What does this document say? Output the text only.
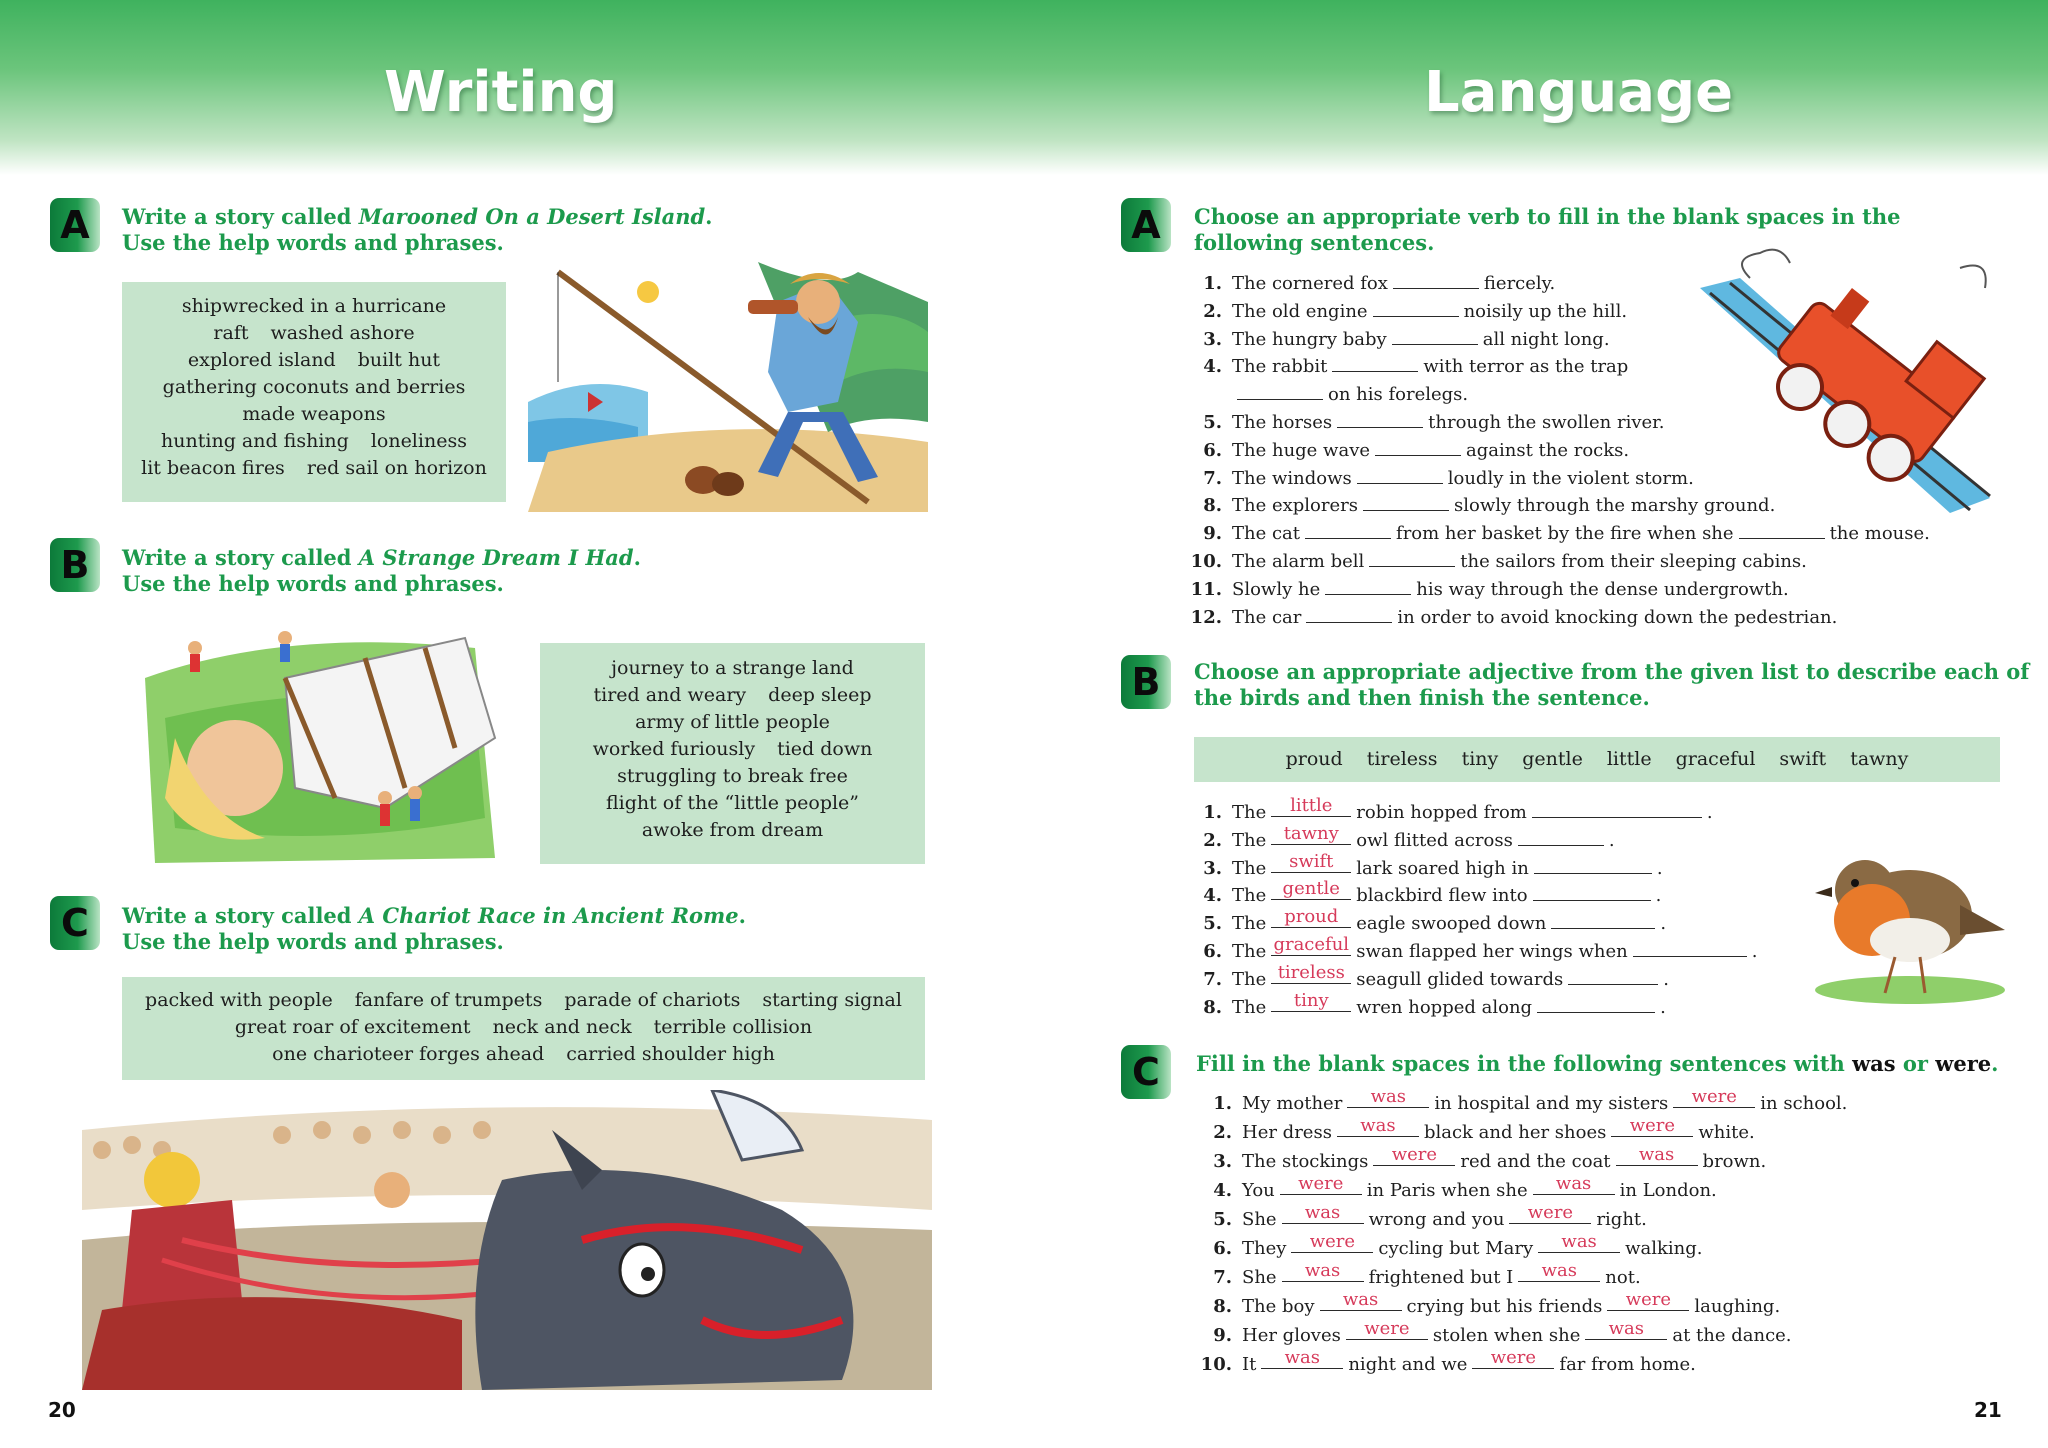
Writing	Language
A	Write a story called Marooned On a Desert Island.
Use the help words and phrases.
shipwrecked in a hurricane
raft washed ashore
explored island built hut
gathering coconuts and berries
made weapons
hunting and fishing loneliness
lit beacon fires red sail on horizon
B	Write a story called A Strange Dream I Had.
Use the help words and phrases.
journey to a strange land
tired and weary deep sleep
army of little people
worked furiously tied down
struggling to break free
flight of the “little people”
awoke from dream
C	Write a story called A Chariot Race in Ancient Rome.
Use the help words and phrases.
packed with people fanfare of trumpets parade of chariots starting signal
great roar of excitement neck and neck terrible collision
one charioteer forges ahead carried shoulder high
20
A	Choose an appropriate verb to fill in the blank spaces in the
following sentences.
1. The cornered fox	fiercely.
2. The old engine	noisily up the hill.
3. The hungry baby	all night long.
4. The rabbit	with terror as the trap
on his forelegs.
5. The horses	through the swollen river.
6. The huge wave	against the rocks.
7. The windows	loudly in the violent storm.
8. The explorers	slowly through the marshy ground.
9. The cat	from her basket by the fire when she	the mouse.
10. The alarm bell	the sailors from their sleeping cabins.
11. Slowly he	his way through the dense undergrowth.
12. The car	in order to avoid knocking down the pedestrian.
B	Choose an appropriate adjective from the given list to describe each of
the birds and then finish the sentence.
proud tireless tiny gentle little graceful swift tawny
1. The little robin hopped from	.
2. The tawny owl flitted across	.
3. The swift lark soared high in	.
4. The gentle blackbird flew into	.
5. The proud eagle swooped down	.
6. The graceful swan flapped her wings when	.
7. The tireless seagull glided towards	.
8. The tiny wren hopped along	.
C	Fill in the blank spaces in the following sentences with was or were.
1. My mother was in hospital and my sisters were in school.
2. Her dress was black and her shoes were white.
3. The stockings were red and the coat was brown.
4. You were in Paris when she was in London.
5. She was wrong and you were right.
6. They were cycling but Mary was walking.
7. She was frightened but I was not.
8. The boy was crying but his friends were laughing.
9. Her gloves were stolen when she was at the dance.
10. It was night and we were far from home.
21
